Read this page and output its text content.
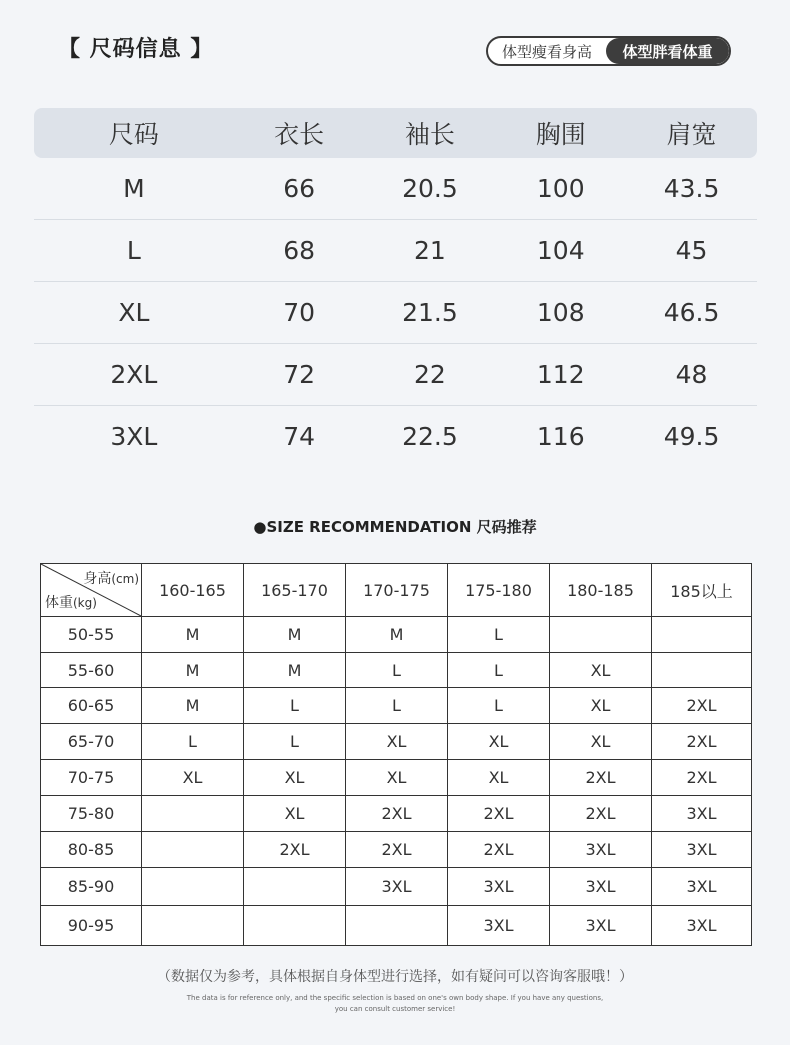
【 尺码信息 】	体型瘦看身高	体型胖看体重
尺码	衣长	袖长	胸围	肩宽
M	66	20.5	100	43.5
L	68	21	104	45
XL	70	21.5	108	46.5
2XL	72	22	112	48
3XL	74	22.5	116	49.5
●SIZE RECOMMENDATION 尺码推荐
身高(cm)
体重(kg)	160-165	165-170	170-175	175-180	180-185	185以上
50-55	M	M	M	L		
55-60	M	M	L	L	XL	
60-65	M	L	L	L	XL	2XL
65-70	L	L	XL	XL	XL	2XL
70-75	XL	XL	XL	XL	2XL	2XL
75-80		XL	2XL	2XL	2XL	3XL
80-85		2XL	2XL	2XL	3XL	3XL
85-90			3XL	3XL	3XL	3XL
90-95				3XL	3XL	3XL
（数据仅为参考，具体根据自身体型进行选择，如有疑问可以咨询客服哦！）
The data is for reference only, and the specific selection is based on one's own body shape. If you have any questions,
you can consult customer service!
